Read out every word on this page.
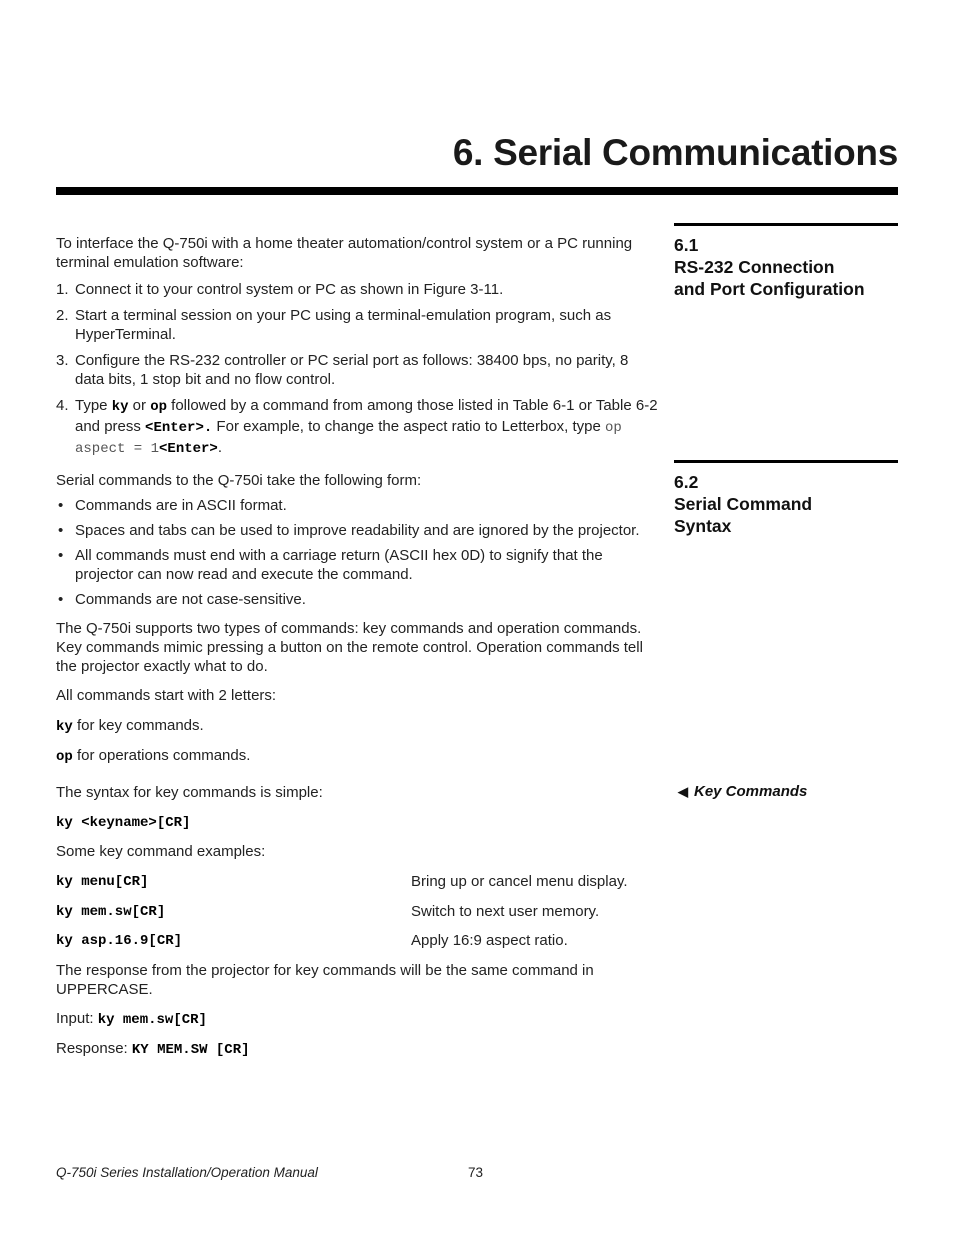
6. Serial Communications
6.1
RS-232 Connection
and Port Configuration
To interface the Q-750i with a home theater automation/control system or a PC running terminal emulation software:
1. Connect it to your control system or PC as shown in Figure 3-11.
2. Start a terminal session on your PC using a terminal-emulation program, such as HyperTerminal.
3. Configure the RS-232 controller or PC serial port as follows: 38400 bps, no parity, 8 data bits, 1 stop bit and no flow control.
4. Type ky or op followed by a command from among those listed in Table 6-1 or Table 6-2 and press <Enter>. For example, to change the aspect ratio to Letterbox, type op aspect = 1<Enter>.
6.2
Serial Command
Syntax
Serial commands to the Q-750i take the following form:
• Commands are in ASCII format.
• Spaces and tabs can be used to improve readability and are ignored by the projector.
• All commands must end with a carriage return (ASCII hex 0D) to signify that the projector can now read and execute the command.
• Commands are not case-sensitive.
The Q-750i supports two types of commands: key commands and operation commands. Key commands mimic pressing a button on the remote control. Operation commands tell the projector exactly what to do.
All commands start with 2 letters:
ky for key commands.
op for operations commands.
◀ Key Commands
The syntax for key commands is simple:
ky <keyname>[CR]
Some key command examples:
ky menu[CR]	Bring up or cancel menu display.
ky mem.sw[CR]	Switch to next user memory.
ky asp.16.9[CR]	Apply 16:9 aspect ratio.
The response from the projector for key commands will be the same command in UPPERCASE.
Input: ky mem.sw[CR]
Response: KY MEM.SW [CR]
Q-750i Series Installation/Operation Manual	73
